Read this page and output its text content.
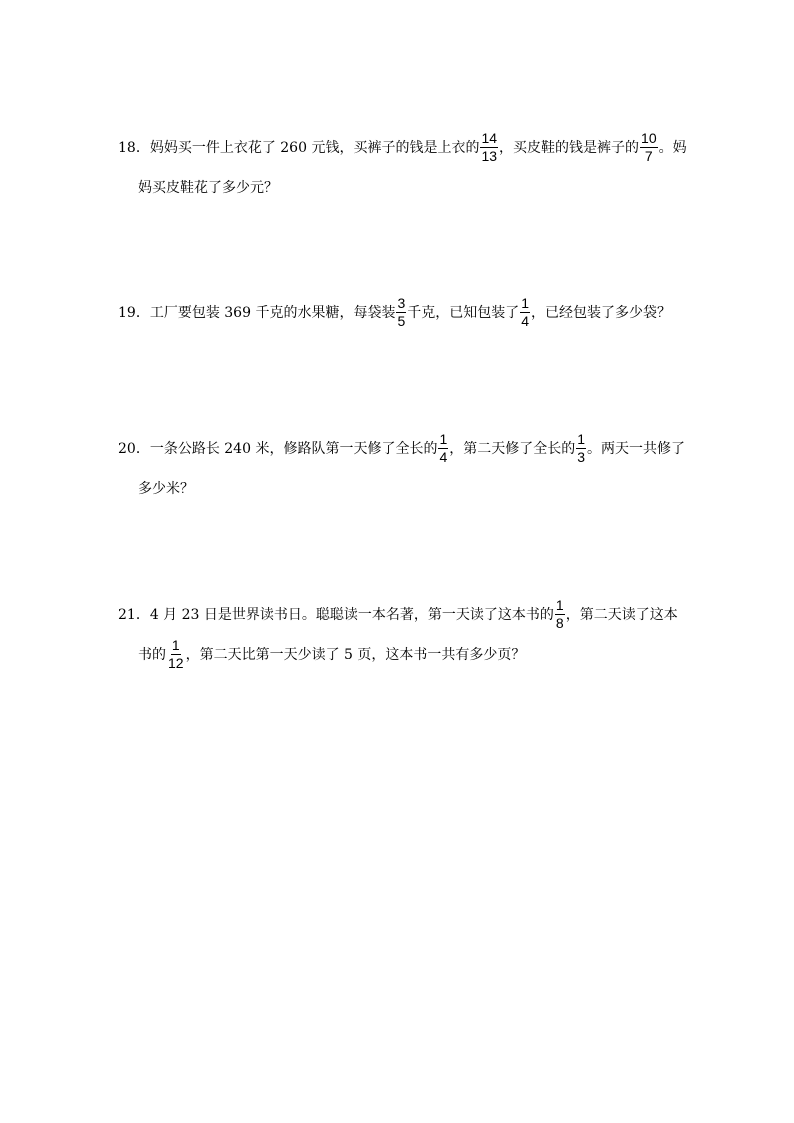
18． 妈妈买一件上衣花了 260 元钱，买裤子的钱是上衣的 $\frac{14}{13}$ ，买皮鞋的钱是裤子的 $\frac{10}{7}$ 。妈
妈买皮鞋花了多少元？
19． 工厂要包装 369 千克的水果糖，每袋装 $\frac{3}{5}$ 千克，已知包装了 $\frac{1}{4}$ ，已经包装了多少袋？
20． 一条公路长 240 米，修路队第一天修了全长的 $\frac{1}{4}$ ，第二天修了全长的 $\frac{1}{3}$ 。两天一共修了
多少米？
21． 4 月 23 日是世界读书日。聪聪读一本名著，第一天读了这本书的 $\frac{1}{8}$ ，第二天读了这本
书的 $\frac{1}{12}$ ，第二天比第一天少读了 5 页，这本书一共有多少页？
